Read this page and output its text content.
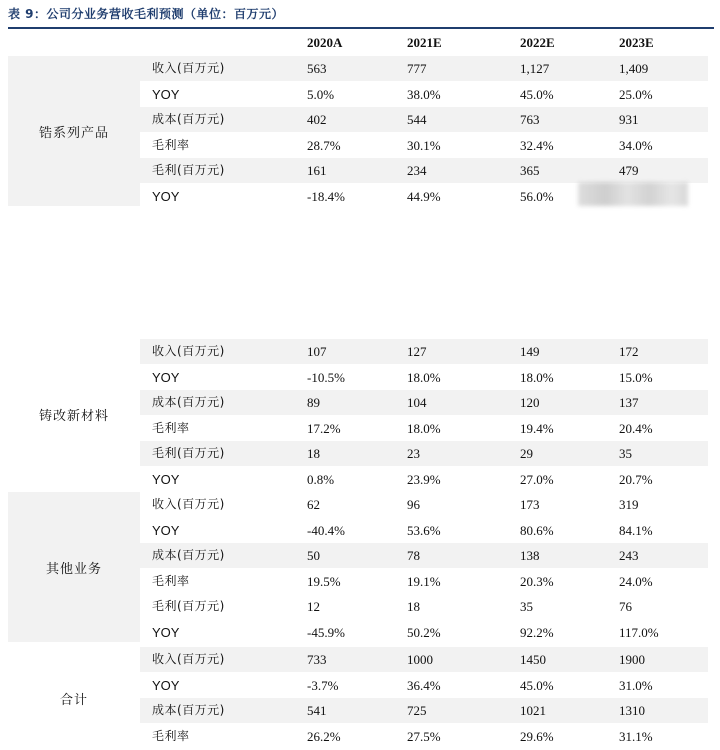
表 9：公司分业务营收毛利预测（单位：百万元）
2020A	2021E	2022E	2023E
锆系列产品
收入(百万元)	563	777	1,127	1,409
YOY	5.0%	38.0%	45.0%	25.0%
成本(百万元)	402	544	763	931
毛利率	28.7%	30.1%	32.4%	34.0%
毛利(百万元)	161	234	365	479
YOY	-18.4%	44.9%	56.0%
铸改新材料
收入(百万元)	107	127	149	172
YOY	-10.5%	18.0%	18.0%	15.0%
成本(百万元)	89	104	120	137
毛利率	17.2%	18.0%	19.4%	20.4%
毛利(百万元)	18	23	29	35
YOY	0.8%	23.9%	27.0%	20.7%
其他业务
收入(百万元)	62	96	173	319
YOY	-40.4%	53.6%	80.6%	84.1%
成本(百万元)	50	78	138	243
毛利率	19.5%	19.1%	20.3%	24.0%
毛利(百万元)	12	18	35	76
YOY	-45.9%	50.2%	92.2%	117.0%
合计
收入(百万元)	733	1000	1450	1900
YOY	-3.7%	36.4%	45.0%	31.0%
成本(百万元)	541	725	1021	1310
毛利率	26.2%	27.5%	29.6%	31.1%
